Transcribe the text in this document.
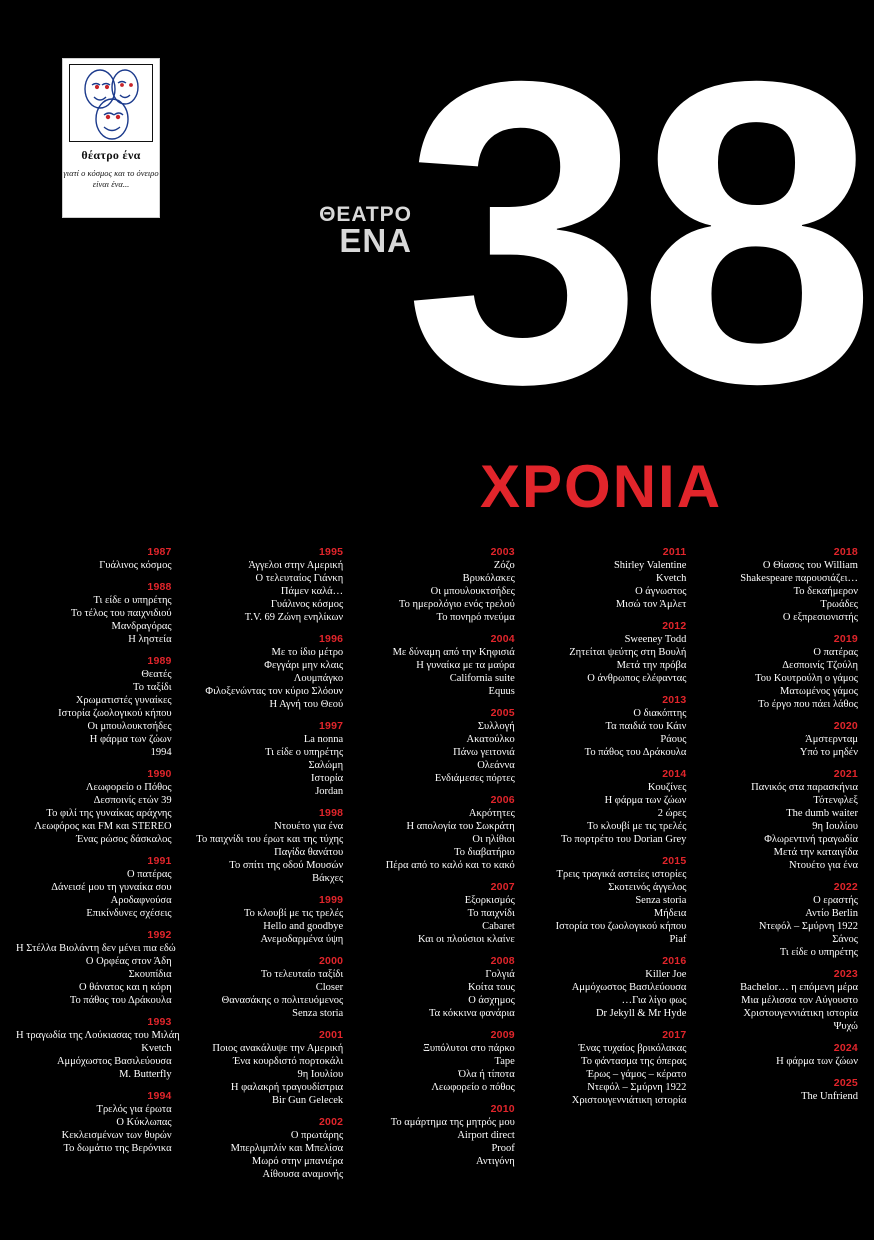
θέατρο ένα
γιατί ο κόσμος και το όνειρο είναι ένα...
ΘΕΑΤΡΟ
ΕΝΑ
38
ΧΡΟΝΙΑ
1987
Γυάλινος κόσμος
1988
Τι είδε ο υπηρέτης
Το τέλος του παιχνιδιού
Μανδραγόρας
Η ληστεία
1989
Θεατές
Το ταξίδι
Χρωματιστές γυναίκες
Ιστορία ζωολογικού κήπου
Οι μπουλουκτσήδες
Η φάρμα των ζώων
1994
1990
Λεωφορείο ο Πόθος
Δεσποινίς ετών 39
Το φιλί της γυναίκας αράχνης
Λεωφόρος και FM και STEREO
Ένας ρώσος δάσκαλος
1991
Ο πατέρας
Δάνεισέ μου τη γυναίκα σου
Αροδαφνούσα
Επικίνδυνες σχέσεις
1992
Η Στέλλα Βιολάντη δεν μένει πια εδώ
Ο Ορφέας στον Άδη
Σκουπίδια
Ο θάνατος και η κόρη
Το πάθος του Δράκουλα
1993
Η τραγωδία της Λούκιασας του Μιλάη
Kvetch
Αμμόχωστος Βασιλεύουσα
M. Butterfly
1994
Τρελός για έρωτα
Ο Κύκλωπας
Κεκλεισμένων των θυρών
Το δωμάτιο της Βερόνικα
1995
Άγγελοι στην Αμερική
Ο τελευταίος Γιάνκη
Πάμεν καλά…
Γυάλινος κόσμος
T.V. 69 Ζώνη ενηλίκων
1996
Με το ίδιο μέτρο
Φεγγάρι μην κλαις
Λουμπάγκο
Φιλοξενώντας τον κύριο Σλόουν
Η Αγνή του Θεού
1997
La nonna
Τι είδε ο υπηρέτης
Σαλώμη
Ιστορία
Jordan
1998
Ντουέτο για ένα
Το παιχνίδι του έρωτ και της τύχης
Παγίδα θανάτου
Το σπίτι της οδού Μουσών
Βάκχες
1999
Το κλουβί με τις τρελές
Hello and goodbye
Ανεμοδαρμένα ύψη
2000
Το τελευταίο ταξίδι
Closer
Θανασάκης ο πολιτευόμενος
Senza storia
2001
Ποιος ανακάλυψε την Αμερική
Ένα κουρδιστό πορτοκάλι
9η Ιουλίου
Η φαλακρή τραγουδίστρια
Bir Gun Gelecek
2002
Ο πρωτάρης
Μπερλιμπλίν και Μπελίσα
Μωρό στην μπανιέρα
Αίθουσα αναμονής
2003
Ζόζο
Βρυκόλακες
Οι μπουλουκτσήδες
Το ημερολόγιο ενός τρελού
Το πονηρό πνεύμα
2004
Με δύναμη από την Κηφισιά
Η γυναίκα με τα μαύρα
California suite
Equus
2005
Συλλογή
Ακατούλκο
Πάνω γειτονιά
Ολεάννα
Ενδιάμεσες πόρτες
2006
Ακρότητες
Η απολογία του Σωκράτη
Οι ηλίθιοι
Το διαβατήριο
Πέρα από το καλό και το κακό
2007
Εξορκισμός
Το παιχνίδι
Cabaret
Και οι πλούσιοι κλαίνε
2008
Γολγιά
Κοίτα τους
Ο άσχημος
Τα κόκκινα φανάρια
2009
Ξυπόλυτοι στο πάρκο
Tape
Όλα ή τίποτα
Λεωφορείο ο πόθος
2010
Το αμάρτημα της μητρός μου
Airport direct
Proof
Αντιγόνη
2011
Shirley Valentine
Kvetch
Ο άγνωστος
Μισώ τον Άμλετ
2012
Sweeney Todd
Ζητείται ψεύτης στη Βουλή
Μετά την πρόβα
Ο άνθρωπος ελέφαντας
2013
Ο διακόπτης
Τα παιδιά του Κάιν
Ράους
Το πάθος του Δράκουλα
2014
Κουζίνες
Η φάρμα των ζώων
2 ώρες
Το κλουβί με τις τρελές
Το πορτρέτο του Dorian Grey
2015
Τρεις τραγικά αστείες ιστορίες
Σκοτεινός άγγελος
Senza storia
Μήδεια
Ιστορία του ζωολογικού κήπου
Piaf
2016
Killer Joe
Αμμόχωστος Βασιλεύουσα
…Για λίγο φως
Dr Jekyll & Mr Hyde
2017
Ένας τυχαίος βρικόλακας
Το φάντασμα της όπερας
Έρως – γάμος – κέρατο
Ντεφόλ – Σμύρνη 1922
Χριστουγεννιάτικη ιστορία
2018
Ο Θίασος του William
Shakespeare παρουσιάζει…
Το δεκαήμερον
Τρωάδες
Ο εξπρεσιονιστής
2019
Ο πατέρας
Δεσποινίς Τζούλη
Του Κουτρούλη ο γάμος
Ματωμένος γάμος
Το έργο που πάει λάθος
2020
Άμστερνταμ
Υπό το μηδέν
2021
Πανικός στα παρασκήνια
Τότενφλεξ
The dumb waiter
9η Ιουλίου
Φλωρεντινή τραγωδία
Μετά την καταιγίδα
Ντουέτο για ένα
2022
Ο εραστής
Αντίο Berlin
Ντεφόλ – Σμύρνη 1922
Σάνος
Τι είδε ο υπηρέτης
2023
Bachelor… η επόμενη μέρα
Μια μέλισσα τον Αύγουστο
Χριστουγεννιάτικη ιστορία
Ψυχώ
2024
Η φάρμα των ζώων
2025
The Unfriend
